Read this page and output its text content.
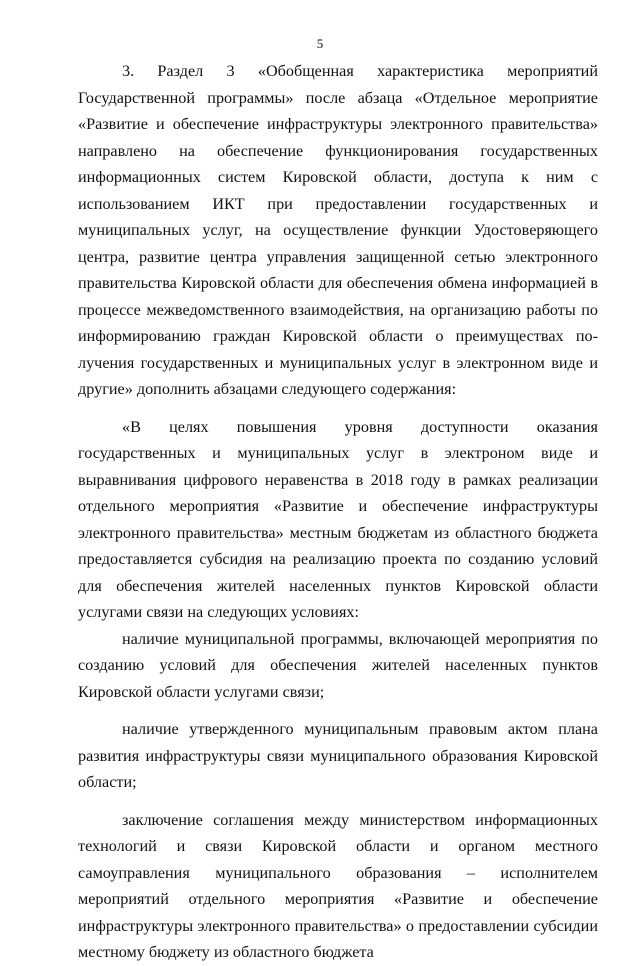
5

3. Раздел 3 «Обобщенная характеристика мероприятий Государственной программы» после абзаца «Отдельное мероприятие «Развитие и обеспечение инфраструктуры электронного правительства» направлено на обеспечение функционирования государственных информационных систем Кировской области, доступа к ним с использованием ИКТ при предоставлении государственных и муниципальных услуг, на осуществление функции Удостоверяющего центра, развитие центра управления защищенной сетью электронного правительства Кировской области для обеспечения обмена информацией в процессе межведомственного взаимодействия, на организацию работы по информированию граждан Кировской области о преимуществах получения государственных и муниципальных услуг в электронном виде и другие» дополнить абзацами следующего содержания:

«В целях повышения уровня доступности оказания государственных и муниципальных услуг в электроном виде и выравнивания цифрового неравенства в 2018 году в рамках реализации отдельного мероприятия «Развитие и обеспечение инфраструктуры электронного правительства» местным бюджетам из областного бюджета предоставляется субсидия на реализацию проекта по созданию условий для обеспечения жителей населенных пунктов Кировской области услугами связи на следующих условиях:

наличие муниципальной программы, включающей мероприятия по созданию условий для обеспечения жителей населенных пунктов Кировской области услугами связи;

наличие утвержденного муниципальным правовым актом плана развития инфраструктуры связи муниципального образования Кировской области;

заключение соглашения между министерством информационных технологий и связи Кировской области и органом местного самоуправления муниципального образования – исполнителем мероприятий отдельного мероприятия «Развитие и обеспечение инфраструктуры электронного правительства» о предоставлении субсидии местному бюджету из областного бюджета
